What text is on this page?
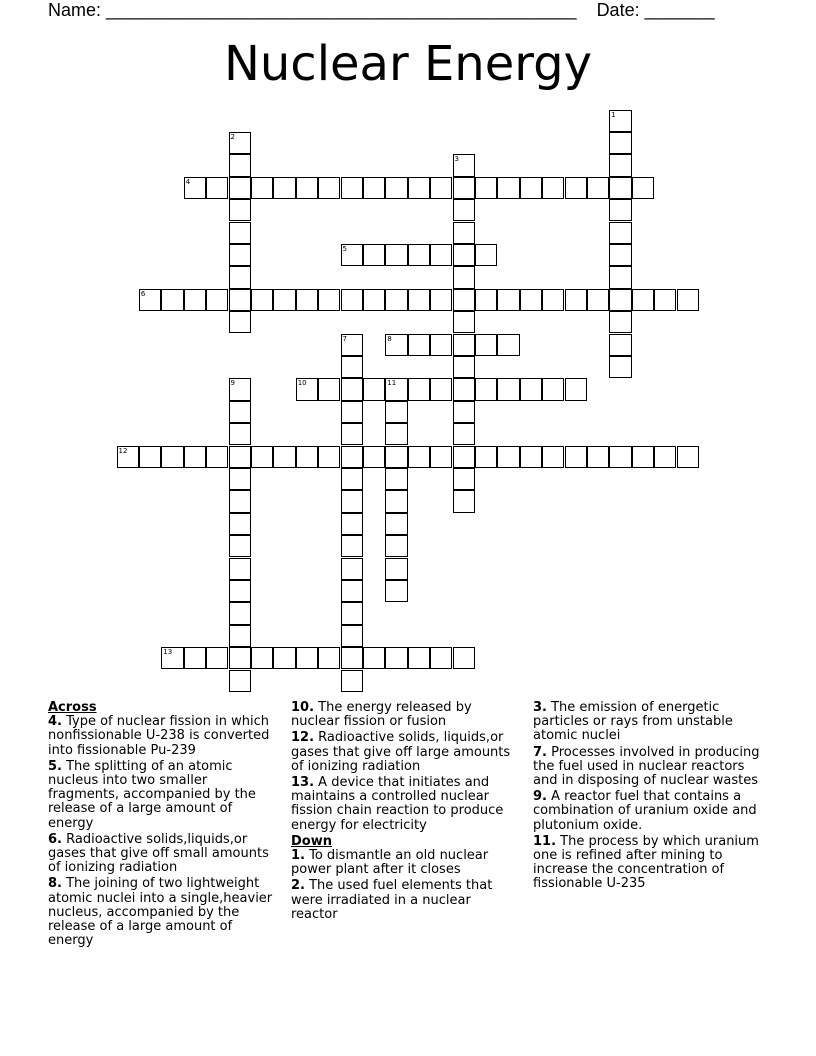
Name: _______________________________________________ Date: _______
Nuclear Energy
4
5
6
8
10	11
12
13
1
2
3
7
9

Across

4. Type of nuclear fission in which nonfissionable U-238 is converted into fissionable Pu-239

5. The splitting of an atomic nucleus into two smaller fragments, accompanied by the release of a large amount of energy

6. Radioactive solids,liquids,or gases that give off small amounts of ionizing radiation

8. The joining of two lightweight atomic nuclei into a single,heavier nucleus, accompanied by the release of a large amount of energy

10. The energy released by nuclear fission or fusion

12. Radioactive solids, liquids,or gases that give off large amounts of ionizing radiation

13. A device that initiates and maintains a controlled nuclear fission chain reaction to produce energy for electricity

Down

1. To dismantle an old nuclear power plant after it closes

2. The used fuel elements that were irradiated in a nuclear reactor

3. The emission of energetic particles or rays from unstable atomic nuclei

7. Processes involved in producing the fuel used in nuclear reactors and in disposing of nuclear wastes

9. A reactor fuel that contains a combination of uranium oxide and plutonium oxide.

11. The process by which uranium one is refined after mining to increase the concentration of fissionable U-235
